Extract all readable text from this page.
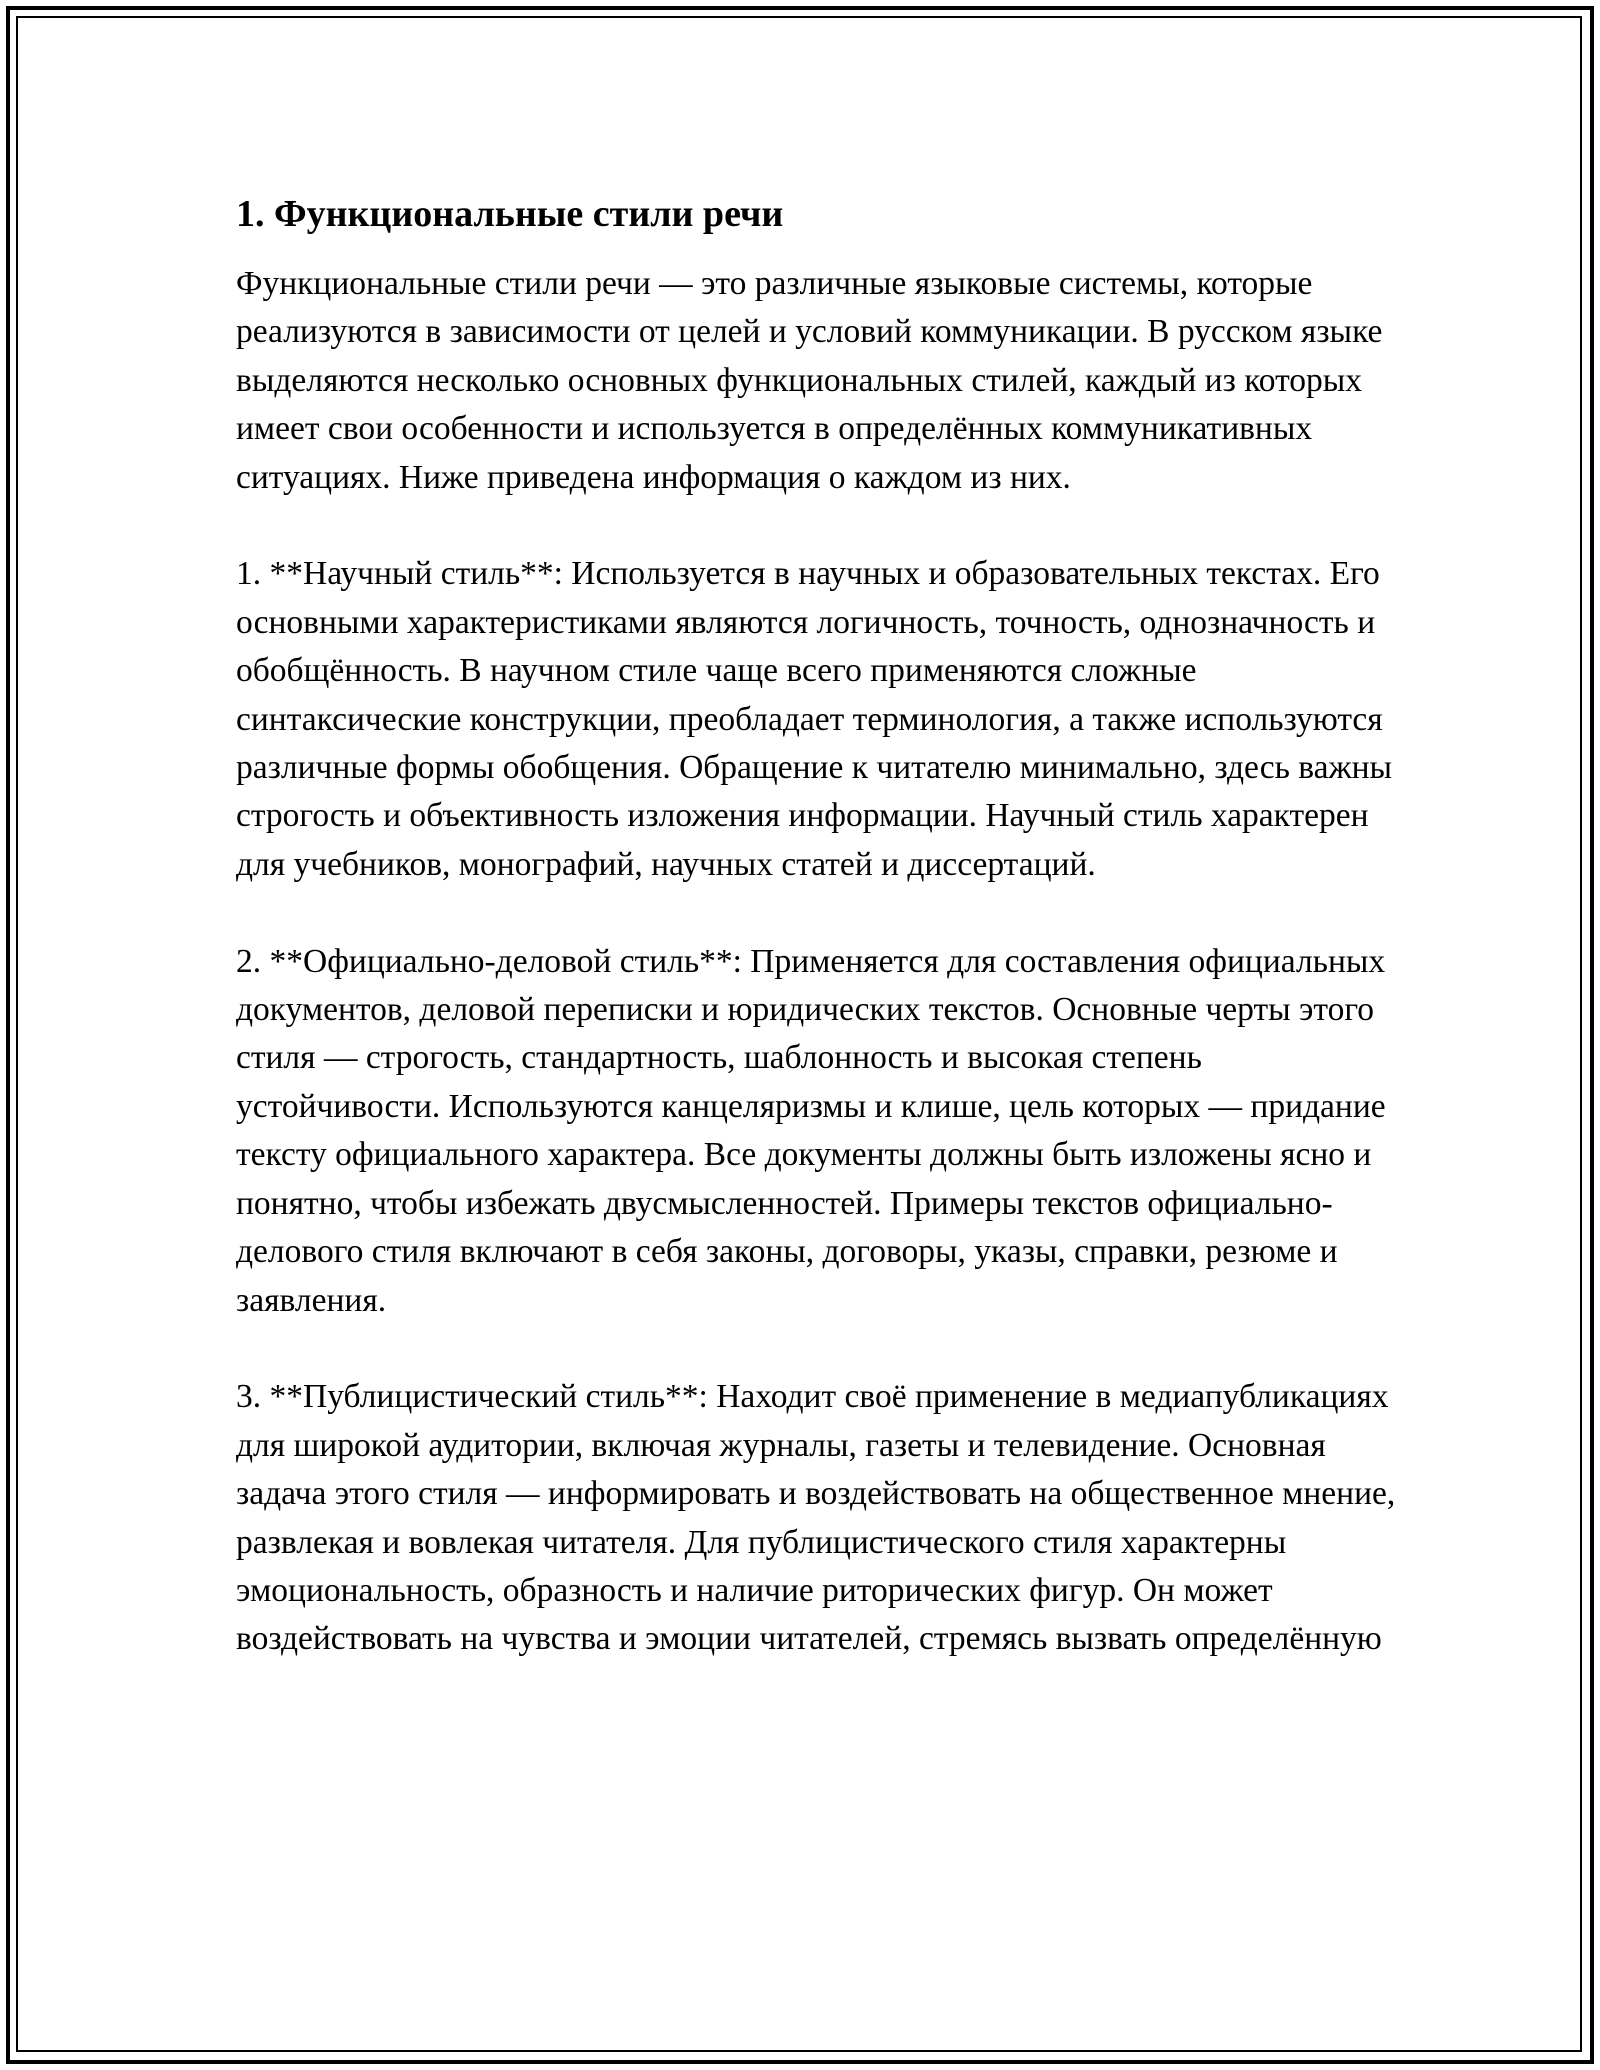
1. Функциональные стили речи

Функциональные стили речи — это различные языковые системы, которые реализуются в зависимости от целей и условий коммуникации. В русском языке выделяются несколько основных функциональных стилей, каждый из которых имеет свои особенности и используется в определённых коммуникативных ситуациях. Ниже приведена информация о каждом из них.

1. **Научный стиль**: Используется в научных и образовательных текстах. Его основными характеристиками являются логичность, точность, однозначность и обобщённость. В научном стиле чаще всего применяются сложные синтаксические конструкции, преобладает терминология, а также используются различные формы обобщения. Обращение к читателю минимально, здесь важны строгость и объективность изложения информации. Научный стиль характерен для учебников, монографий, научных статей и диссертаций.

2. **Официально-деловой стиль**: Применяется для составления официальных документов, деловой переписки и юридических текстов. Основные черты этого стиля — строгость, стандартность, шаблонность и высокая степень устойчивости. Используются канцеляризмы и клише, цель которых — придание тексту официального характера. Все документы должны быть изложены ясно и понятно, чтобы избежать двусмысленностей. Примеры текстов официально-делового стиля включают в себя законы, договоры, указы, справки, резюме и заявления.

3. **Публицистический стиль**: Находит своё применение в медиапубликациях для широкой аудитории, включая журналы, газеты и телевидение. Основная задача этого стиля — информировать и воздействовать на общественное мнение, развлекая и вовлекая читателя. Для публицистического стиля характерны эмоциональность, образность и наличие риторических фигур. Он может воздействовать на чувства и эмоции читателей, стремясь вызвать определённую
